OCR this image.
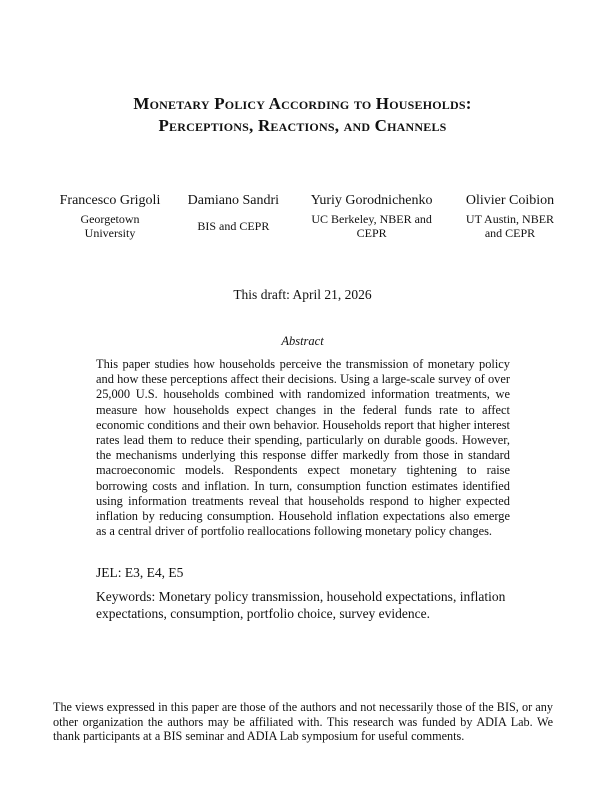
Monetary Policy According to Households:
Perceptions, Reactions, and Channels
Francesco Grigoli
Georgetown University
Damiano Sandri
BIS and CEPR
Yuriy Gorodnichenko
UC Berkeley, NBER and CEPR
Olivier Coibion
UT Austin, NBER and CEPR
This draft: April 21, 2026
Abstract

This paper studies how households perceive the transmission of monetary policy and how these perceptions affect their decisions. Using a large-scale survey of over 25,000 U.S. households combined with randomized information treatments, we measure how households expect changes in the federal funds rate to affect economic conditions and their own behavior. Households report that higher interest rates lead them to reduce their spending, particularly on durable goods. However, the mechanisms underlying this response differ markedly from those in standard macroeconomic models. Respondents expect monetary tightening to raise borrowing costs and inflation. In turn, consumption function estimates identified using information treatments reveal that households respond to higher expected inflation by reducing consumption. Household inflation expectations also emerge as a central driver of portfolio reallocations following monetary policy changes.

JEL: E3, E4, E5

Keywords: Monetary policy transmission, household expectations, inflation expectations, consumption, portfolio choice, survey evidence.

The views expressed in this paper are those of the authors and not necessarily those of the BIS, or any other organization the authors may be affiliated with. This research was funded by ADIA Lab. We thank participants at a BIS seminar and ADIA Lab symposium for useful comments.
